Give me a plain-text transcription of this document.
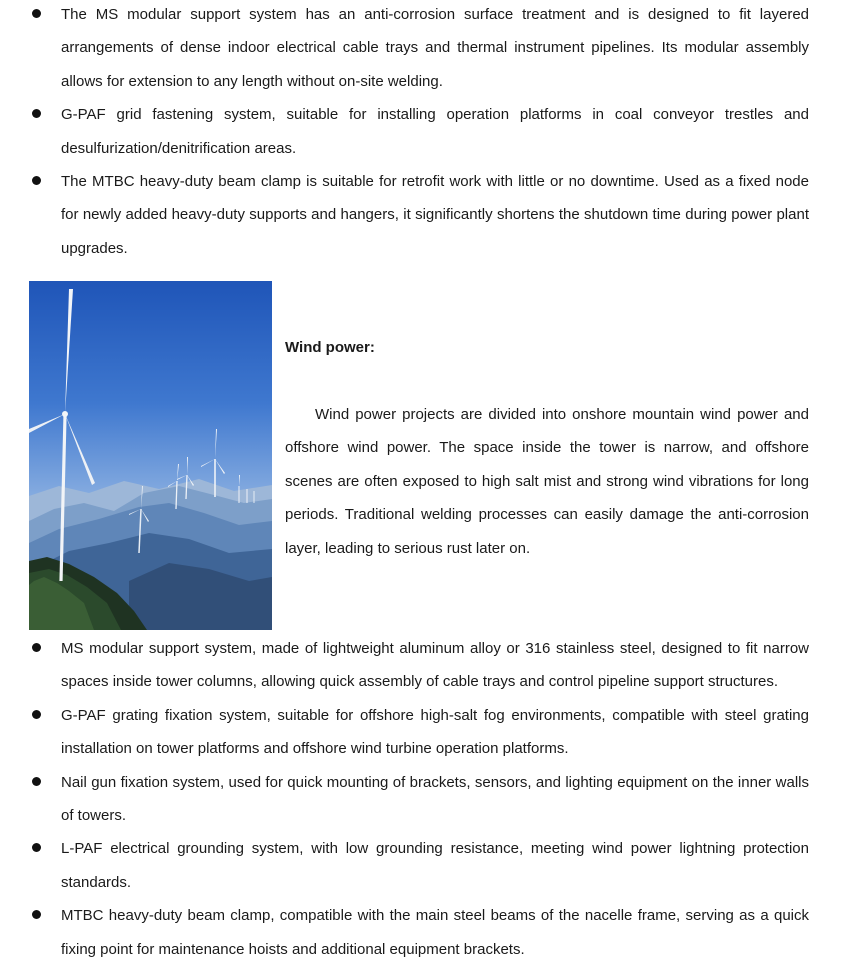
The MS modular support system has an anti-corrosion surface treatment and is designed to fit layered arrangements of dense indoor electrical cable trays and thermal instrument pipelines. Its modular assembly allows for extension to any length without on-site welding.
G-PAF grid fastening system, suitable for installing operation platforms in coal conveyor trestles and desulfurization/denitrification areas.
The MTBC heavy-duty beam clamp is suitable for retrofit work with little or no downtime. Used as a fixed node for newly added heavy-duty supports and hangers, it significantly shortens the shutdown time during power plant upgrades.
Wind power:

Wind power projects are divided into onshore mountain wind power and offshore wind power. The space inside the tower is narrow, and offshore scenes are often exposed to high salt mist and strong wind vibrations for long periods. Traditional welding processes can easily damage the anti-corrosion layer, leading to serious rust later on.

MS modular support system, made of lightweight aluminum alloy or 316 stainless steel, designed to fit narrow spaces inside tower columns, allowing quick assembly of cable trays and control pipeline support structures.
G-PAF grating fixation system, suitable for offshore high-salt fog environments, compatible with steel grating installation on tower platforms and offshore wind turbine operation platforms.
Nail gun fixation system, used for quick mounting of brackets, sensors, and lighting equipment on the inner walls of towers.
L-PAF electrical grounding system, with low grounding resistance, meeting wind power lightning protection standards.
MTBC heavy-duty beam clamp, compatible with the main steel beams of the nacelle frame, serving as a quick fixing point for maintenance hoists and additional equipment brackets.
